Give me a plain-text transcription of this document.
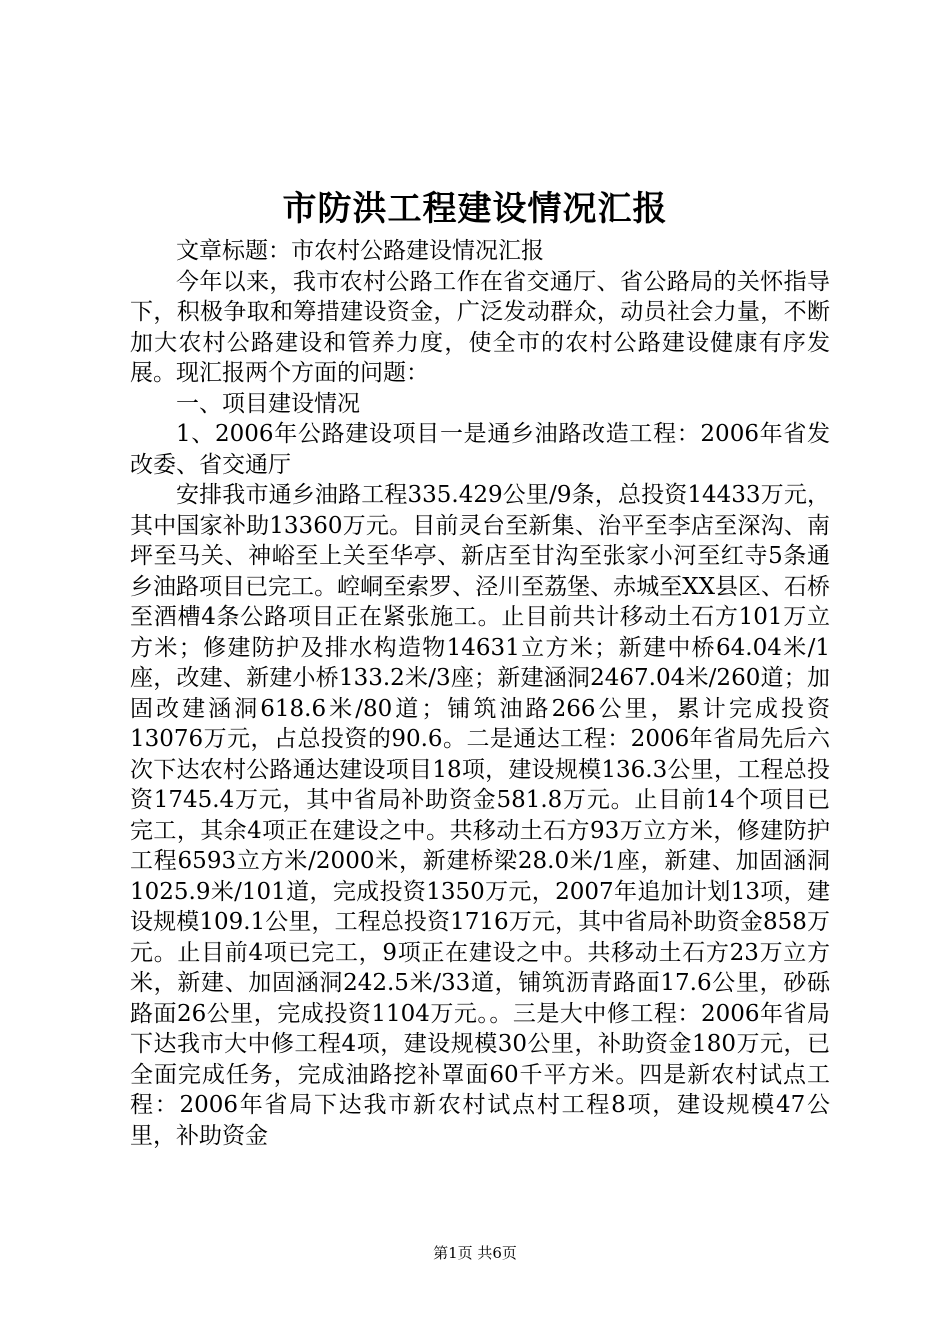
市防洪工程建设情况汇报

文章标题：市农村公路建设情况汇报

今年以来，我市农村公路工作在省交通厅、省公路局的关怀指导下，积极争取和筹措建设资金，广泛发动群众，动员社会力量，不断加大农村公路建设和管养力度，使全市的农村公路建设健康有序发展。现汇报两个方面的问题：

一、项目建设情况

1、2006年公路建设项目一是通乡油路改造工程：2006年省发改委、省交通厅

安排我市通乡油路工程335.429公里/9条，总投资14433万元，其中国家补助13360万元。目前灵台至新集、治平至李店至深沟、南坪至马关、神峪至上关至华亭、新店至甘沟至张家小河至红寺5条通乡油路项目已完工。崆峒至索罗、泾川至荔堡、赤城至XX县区、石桥至酒槽4条公路项目正在紧张施工。止目前共计移动土石方101万立方米；修建防护及排水构造物14631立方米；新建中桥64.04米/1座，改建、新建小桥133.2米/3座；新建涵洞2467.04米/260道；加固改建涵洞618.6米/80道；铺筑油路266公里，累计完成投资13076万元，占总投资的90.6。二是通达工程：2006年省局先后六次下达农村公路通达建设项目18项，建设规模136.3公里，工程总投资1745.4万元，其中省局补助资金581.8万元。止目前14个项目已完工，其余4项正在建设之中。共移动土石方93万立方米，修建防护工程6593立方米/2000米，新建桥梁28.0米/1座，新建、加固涵洞1025.9米/101道，完成投资1350万元，2007年追加计划13项，建设规模109.1公里，工程总投资1716万元，其中省局补助资金858万元。止目前4项已完工，9项正在建设之中。共移动土石方23万立方米，新建、加固涵洞242.5米/33道，铺筑沥青路面17.6公里，砂砾路面26公里，完成投资1104万元。。三是大中修工程：2006年省局下达我市大中修工程4项，建设规模30公里，补助资金180万元，已全面完成任务，完成油路挖补罩面60千平方米。四是新农村试点工程：2006年省局下达我市新农村试点村工程8项，建设规模47公里，补助资金

第1页 共6页
